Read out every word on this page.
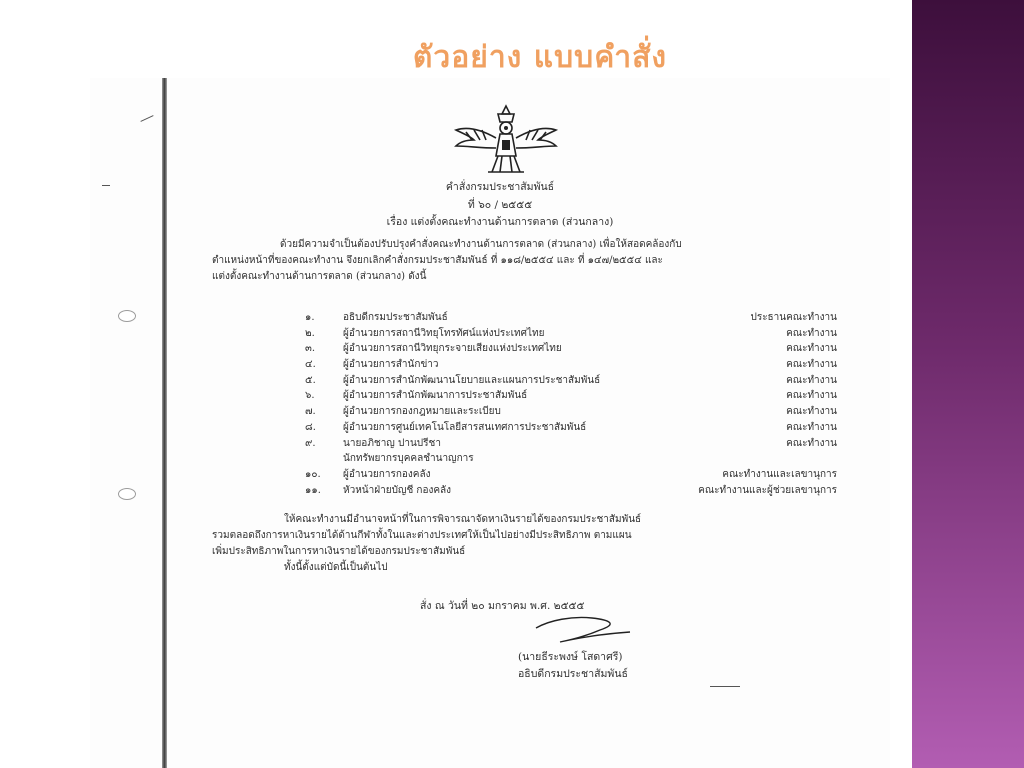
ตัวอย่าง แบบคำสั่ง
คำสั่งกรมประชาสัมพันธ์
ที่ ๖๐ / ๒๕๕๕
เรื่อง แต่งตั้งคณะทำงานด้านการตลาด (ส่วนกลาง)
ด้วยมีความจำเป็นต้องปรับปรุงคำสั่งคณะทำงานด้านการตลาด (ส่วนกลาง) เพื่อให้สอดคล้องกับ
ตำแหน่งหน้าที่ของคณะทำงาน จึงยกเลิกคำสั่งกรมประชาสัมพันธ์ ที่ ๑๑๘/๒๕๕๔ และ ที่ ๑๔๗/๒๕๕๔ และ
แต่งตั้งคณะทำงานด้านการตลาด (ส่วนกลาง) ดังนี้
๑.	อธิบดีกรมประชาสัมพันธ์	ประธานคณะทำงาน
๒.	ผู้อำนวยการสถานีวิทยุโทรทัศน์แห่งประเทศไทย	คณะทำงาน
๓.	ผู้อำนวยการสถานีวิทยุกระจายเสียงแห่งประเทศไทย	คณะทำงาน
๔.	ผู้อำนวยการสำนักข่าว	คณะทำงาน
๕.	ผู้อำนวยการสำนักพัฒนานโยบายและแผนการประชาสัมพันธ์	คณะทำงาน
๖.	ผู้อำนวยการสำนักพัฒนาการประชาสัมพันธ์	คณะทำงาน
๗.	ผู้อำนวยการกองกฎหมายและระเบียบ	คณะทำงาน
๘.	ผู้อำนวยการศูนย์เทคโนโลยีสารสนเทศการประชาสัมพันธ์	คณะทำงาน
๙.	นายอภิชาญ ปานปรีชา	คณะทำงาน
นักทรัพยากรบุคคลชำนาญการ
๑๐.	ผู้อำนวยการกองคลัง	คณะทำงานและเลขานุการ
๑๑.	หัวหน้าฝ่ายบัญชี กองคลัง	คณะทำงานและผู้ช่วยเลขานุการ
ให้คณะทำงานมีอำนาจหน้าที่ในการพิจารณาจัดหาเงินรายได้ของกรมประชาสัมพันธ์
รวมตลอดถึงการหาเงินรายได้ด้านกีฬาทั้งในและต่างประเทศให้เป็นไปอย่างมีประสิทธิภาพ ตามแผน
เพิ่มประสิทธิภาพในการหาเงินรายได้ของกรมประชาสัมพันธ์
ทั้งนี้ตั้งแต่บัดนี้เป็นต้นไป
สั่ง ณ วันที่ ๒๐ มกราคม พ.ศ. ๒๕๕๕
(นายธีระพงษ์ โสดาศรี)
อธิบดีกรมประชาสัมพันธ์
